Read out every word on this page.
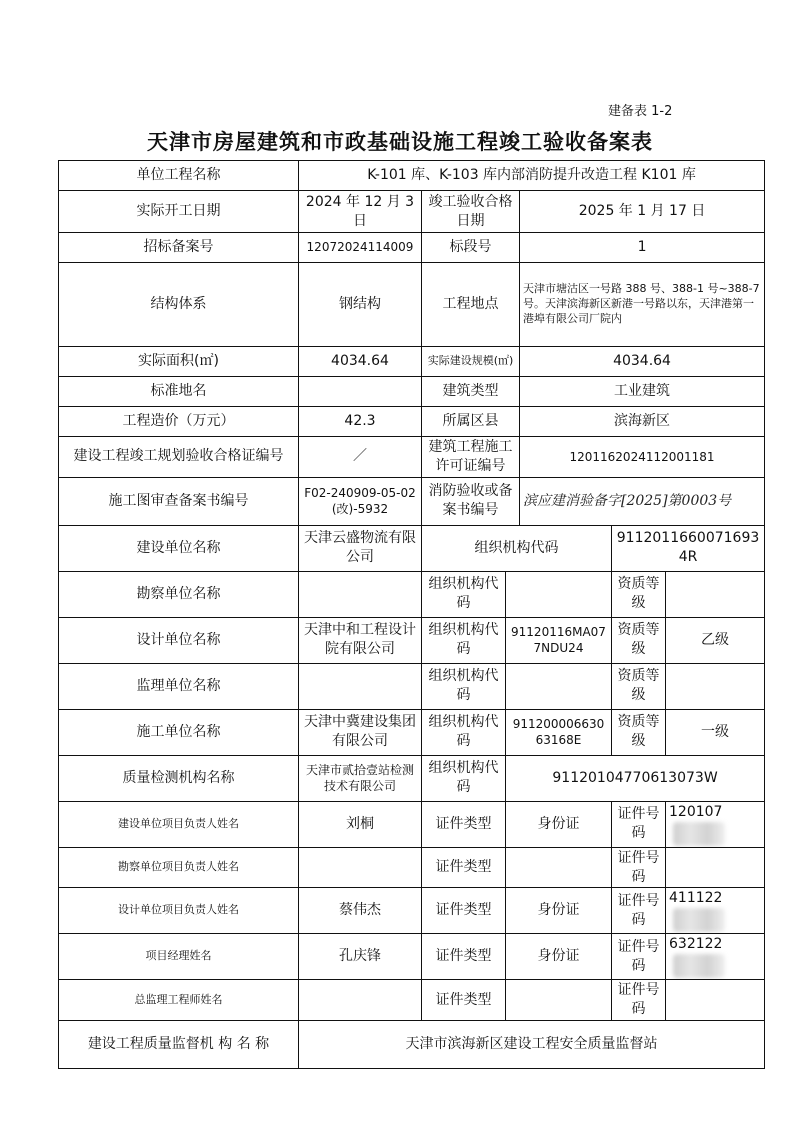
建备表 1-2
天津市房屋建筑和市政基础设施工程竣工验收备案表
单位工程名称	K-101 库、K-103 库内部消防提升改造工程 K101 库					
实际开工日期	2024 年 12 月 3 日	竣工验收合格日期		2025 年 1 月 17 日		
招标备案号	12072024114009	标段号		1		
结构体系	钢结构	工程地点		天津市塘沽区一号路 388 号、388-1 号~388-7 号。天津滨海新区新港一号路以东，天津港第一港埠有限公司厂院内		
实际面积(㎡)	4034.64	实际建设规模(㎡)		4034.64		
标准地名		建筑类型		工业建筑		
工程造价（万元）	42.3	所属区县		滨海新区		
建设工程竣工规划验收合格证编号	／	建筑工程施工许可证编号		1201162024112001181		
施工图审查备案书编号	F02-240909-05-02(改)-5932	消防验收或备案书编号		滨应建消验备字[2025]第0003号		
建设单位名称	天津云盛物流有限公司	组织机构代码			91120116600716934R	
勘察单位名称		组织机构代码			资质等级	
设计单位名称	天津中和工程设计院有限公司	组织机构代码	91120116MA077NDU24		资质等级	乙级
监理单位名称		组织机构代码			资质等级	
施工单位名称	天津中冀建设集团有限公司	组织机构代码	91120000663063168E		资质等级	一级
质量检测机构名称	天津市贰拾壹站检测技术有限公司	组织机构代码	91120104770613073W			
建设单位项目负责人姓名	刘桐	证件类型	身份证		证件号码	120107
勘察单位项目负责人姓名		证件类型			证件号码	
设计单位项目负责人姓名	蔡伟杰	证件类型	身份证		证件号码	411122
项目经理姓名	孔庆锋	证件类型	身份证		证件号码	632122
总监理工程师姓名		证件类型			证件号码	
建设工程质量监督机 构 名 称	天津市滨海新区建设工程安全质量监督站					
